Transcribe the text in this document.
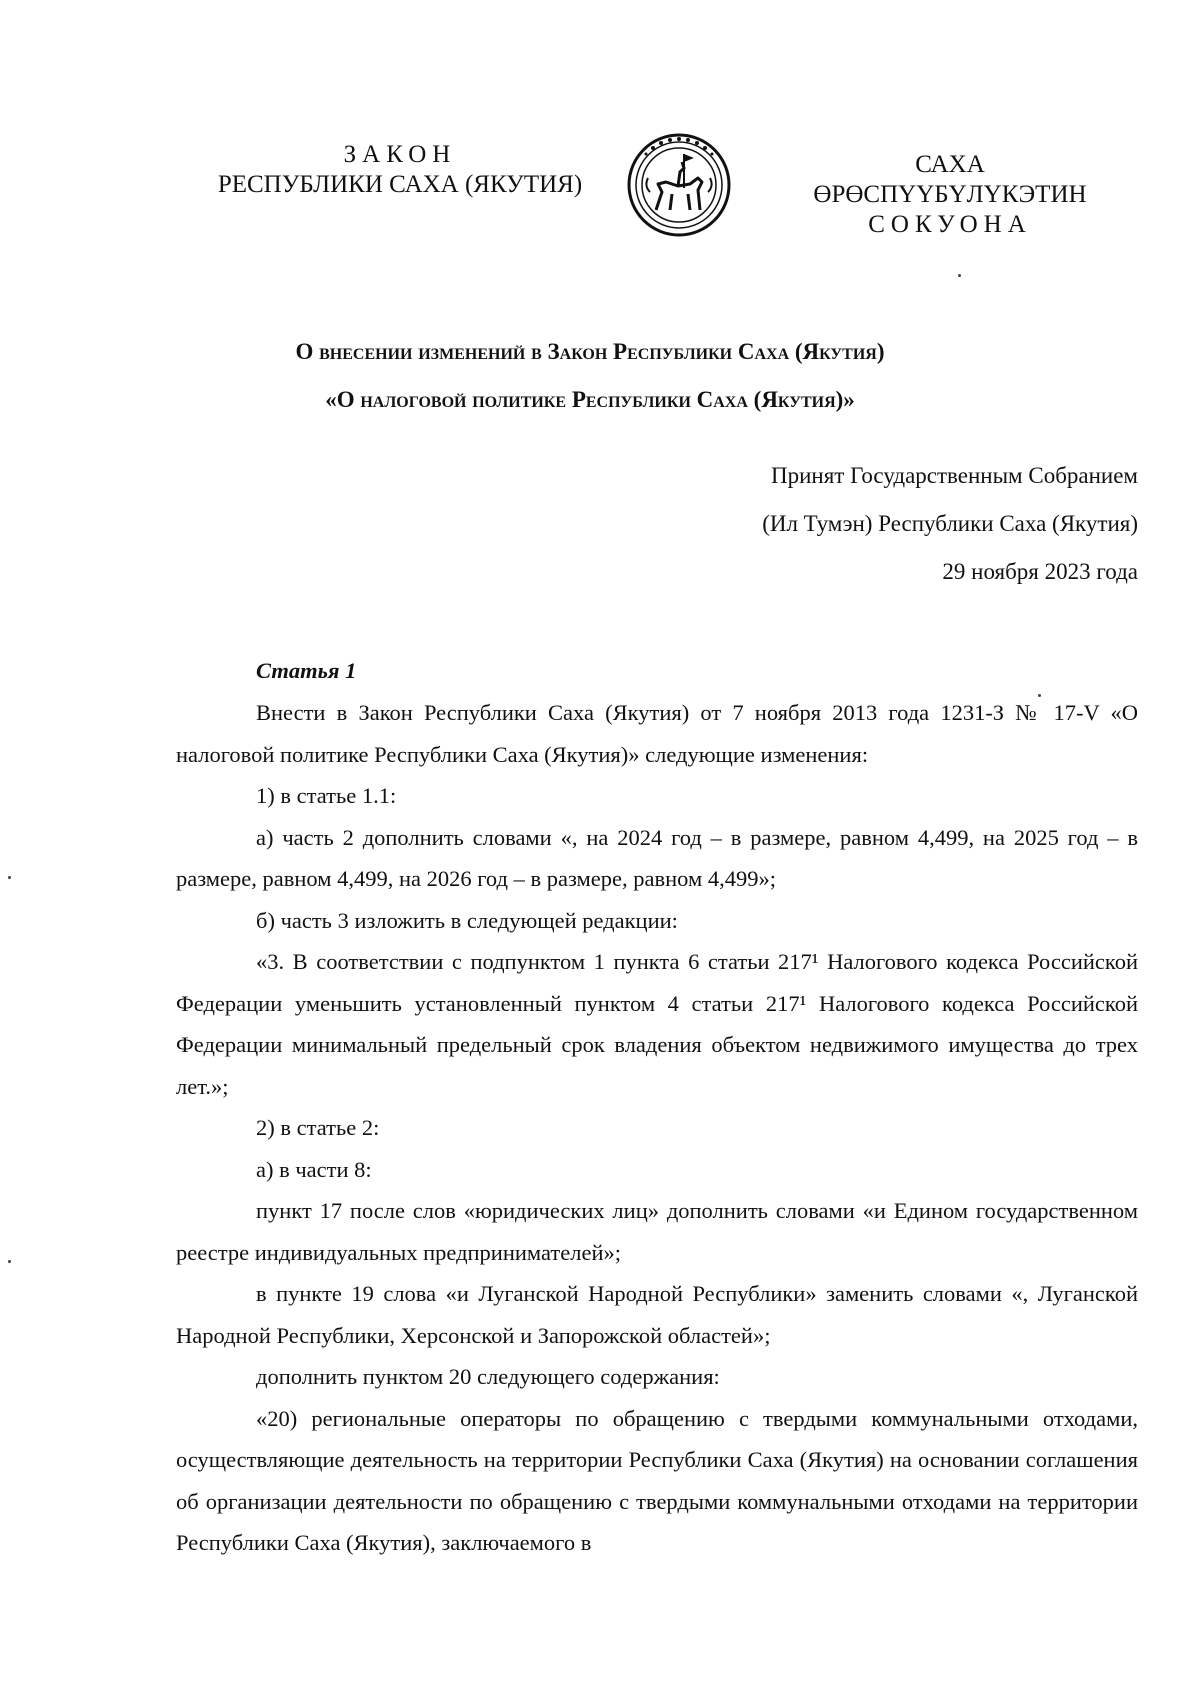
ЗАКОН
РЕСПУБЛИКИ САХА (ЯКУТИЯ)
САХА ӨРӨСПYYБYЛYКЭТИН
СОКУОНА
О внесении изменений в Закон Республики Саха (Якутия)
«О налоговой политике Республики Саха (Якутия)»
Принят Государственным Собранием
(Ил Тумэн) Республики Саха (Якутия)
29 ноября 2023 года
Статья 1

Внести в Закон Республики Саха (Якутия) от 7 ноября 2013 года 1231-З № 17-V «О налоговой политике Республики Саха (Якутия)» следующие изменения:

1) в статье 1.1:

а) часть 2 дополнить словами «, на 2024 год – в размере, равном 4,499, на 2025 год – в размере, равном 4,499, на 2026 год – в размере, равном 4,499»;

б) часть 3 изложить в следующей редакции:

«3. В соответствии с подпунктом 1 пункта 6 статьи 217¹ Налогового кодекса Российской Федерации уменьшить установленный пунктом 4 статьи 217¹ Налогового кодекса Российской Федерации минимальный предельный срок владения объектом недвижимого имущества до трех лет.»;

2) в статье 2:

а) в части 8:

пункт 17 после слов «юридических лиц» дополнить словами «и Едином государственном реестре индивидуальных предпринимателей»;

в пункте 19 слова «и Луганской Народной Республики» заменить словами «, Луганской Народной Республики, Херсонской и Запорожской областей»;

дополнить пунктом 20 следующего содержания:

«20) региональные операторы по обращению с твердыми коммунальными отходами, осуществляющие деятельность на территории Республики Саха (Якутия) на основании соглашения об организации деятельности по обращению с твердыми коммунальными отходами на территории Республики Саха (Якутия), заключаемого в
